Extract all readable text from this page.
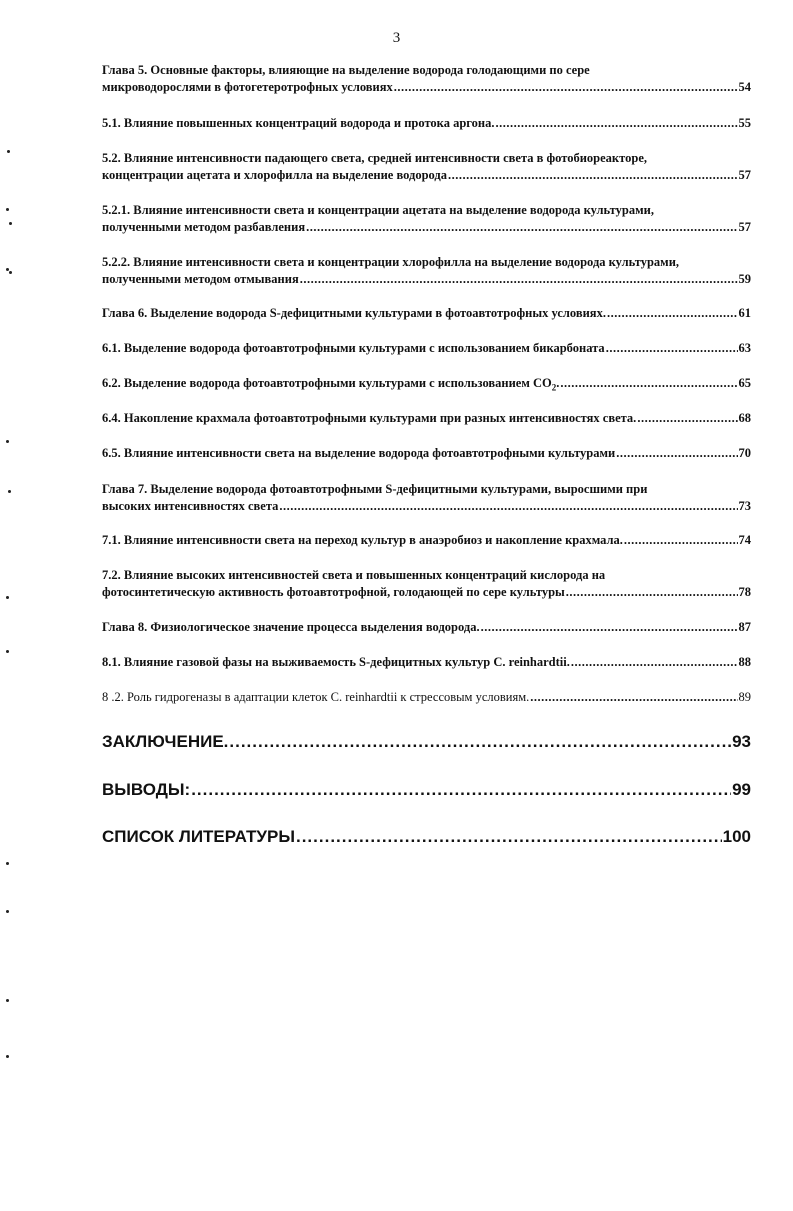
3
Глава 5. Основные факторы, влияющие на выделение водорода голодающими по сере
микроводорослями в фотогетеротрофных условиях .....	54
5.1. Влияние повышенных концентраций водорода и протока аргона. .....	55
5.2. Влияние интенсивности падающего света, средней интенсивности света в фотобиореакторе,
концентрации ацетата и хлорофилла на выделение водорода .....	57
5.2.1. Влияние интенсивности света и концентрации ацетата на выделение водорода культурами,
полученными методом разбавления .....	57
5.2.2. Влияние интенсивности света и концентрации хлорофилла на выделение водорода культурами,
полученными методом отмывания .....	59
Глава 6. Выделение водорода S-дефицитными культурами в фотоавтотрофных условиях. .....	61
6.1. Выделение водорода фотоавтотрофными культурами с использованием бикарбоната .....	63
6.2. Выделение водорода фотоавтотрофными культурами с использованием $CO_2$. .....	65
6.4. Накопление крахмала фотоавтотрофными культурами при разных интенсивностях света. .....	68
6.5. Влияние интенсивности света на выделение водорода фотоавтотрофными культурами .....	70
Глава 7. Выделение водорода фотоавтотрофными S-дефицитными культурами, выросшими при
высоких интенсивностях света .....	73
7.1. Влияние интенсивности света на переход культур в анаэробиоз и накопление крахмала. .....	74
7.2. Влияние высоких интенсивностей света и повышенных концентраций кислорода на
фотосинтетическую активность фотоавтотрофной, голодающей по сере культуры .....	78
Глава 8. Физиологическое значение процесса выделения водорода. .....	87
8.1. Влияние газовой фазы на выживаемость S-дефицитных культур C. reinhardtii. .....	88
8 .2. Роль гидрогеназы в адаптации клеток C. reinhardtii к стрессовым условиям. .....	89
ЗАКЛЮЧЕНИЕ. .....	93
ВЫВОДЫ: .....	99
СПИСОК ЛИТЕРАТУРЫ .....	100
